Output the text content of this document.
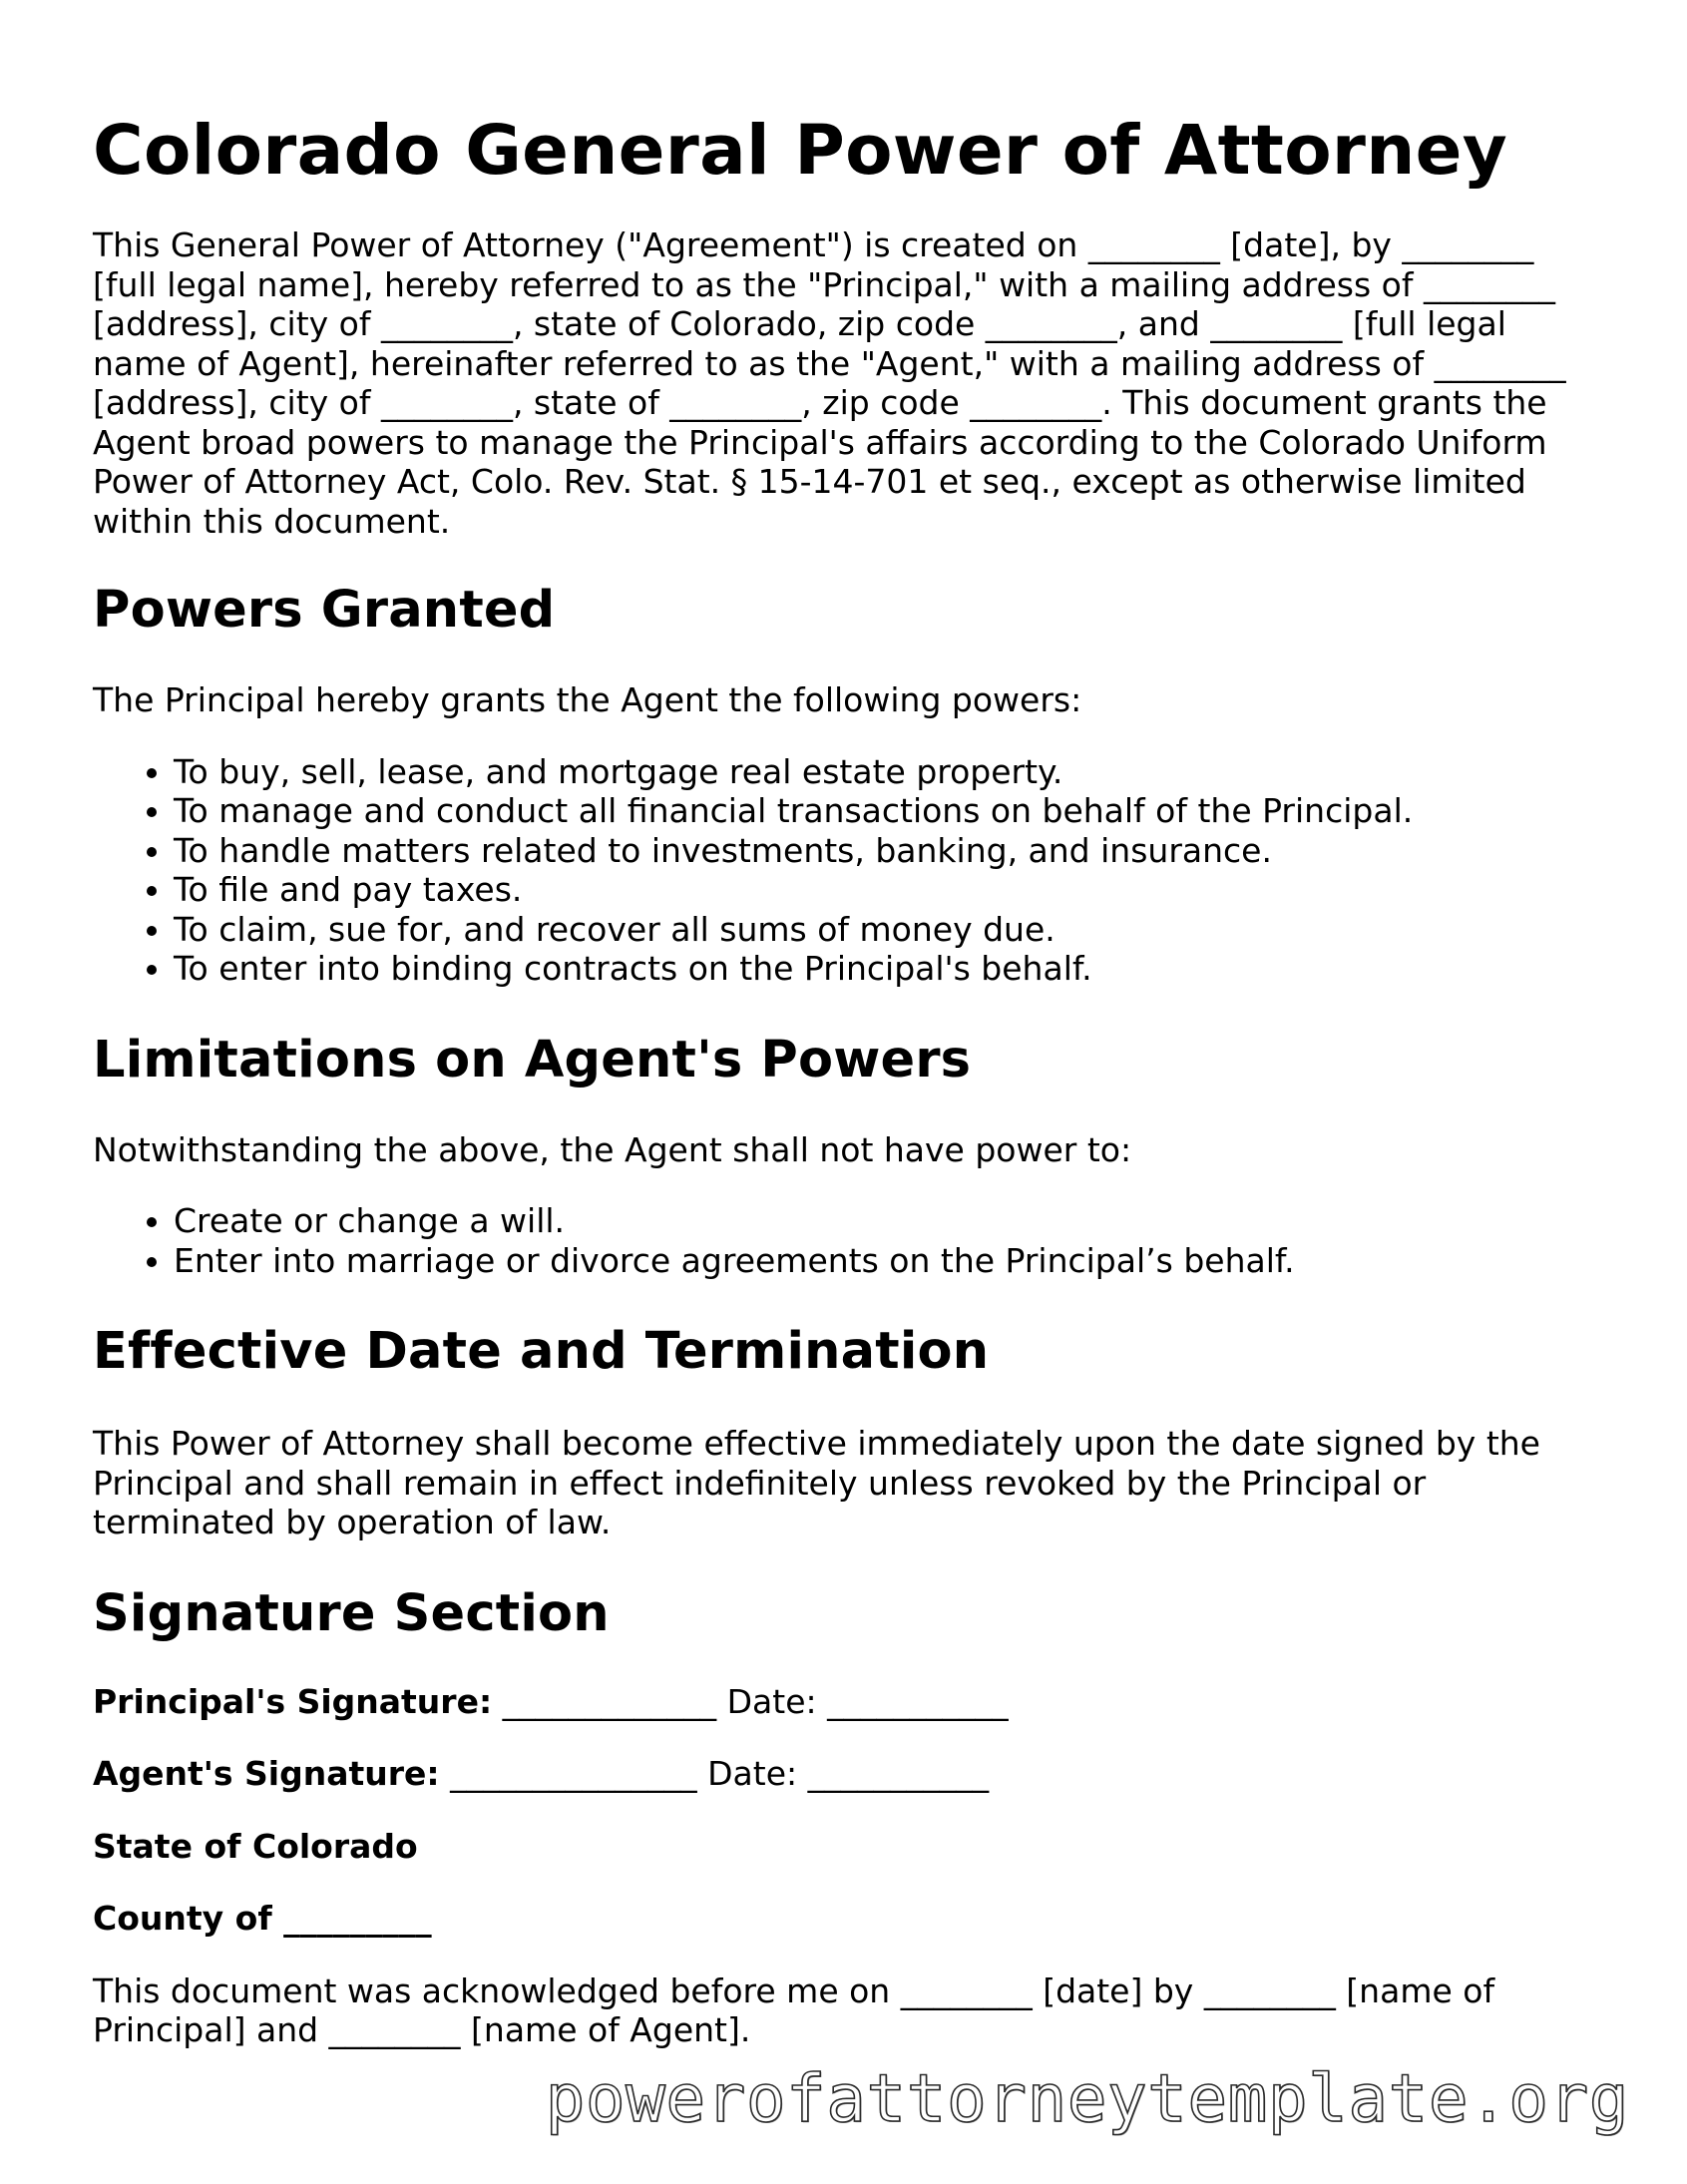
Colorado General Power of Attorney

This General Power of Attorney ("Agreement") is created on ________ [date], by ________ [full legal name], hereby referred to as the "Principal," with a mailing address of ________ [address], city of ________, state of Colorado, zip code ________, and ________ [full legal name of Agent], hereinafter referred to as the "Agent," with a mailing address of ________ [address], city of ________, state of ________, zip code ________. This document grants the Agent broad powers to manage the Principal's affairs according to the Colorado Uniform Power of Attorney Act, Colo. Rev. Stat. § 15-14-701 et seq., except as otherwise limited within this document.

Powers Granted

The Principal hereby grants the Agent the following powers:

• To buy, sell, lease, and mortgage real estate property.
• To manage and conduct all financial transactions on behalf of the Principal.
• To handle matters related to investments, banking, and insurance.
• To file and pay taxes.
• To claim, sue for, and recover all sums of money due.
• To enter into binding contracts on the Principal's behalf.
Limitations on Agent's Powers

Notwithstanding the above, the Agent shall not have power to:

• Create or change a will.
• Enter into marriage or divorce agreements on the Principal’s behalf.
Effective Date and Termination

This Power of Attorney shall become effective immediately upon the date signed by the Principal and shall remain in effect indefinitely unless revoked by the Principal or terminated by operation of law.

Signature Section

Principal's Signature: _____________ Date: ___________

Agent's Signature: _______________ Date: ___________

State of Colorado

County of _________

This document was acknowledged before me on ________ [date] by ________ [name of Principal] and ________ [name of Agent].

powerofattorneytemplate.org
